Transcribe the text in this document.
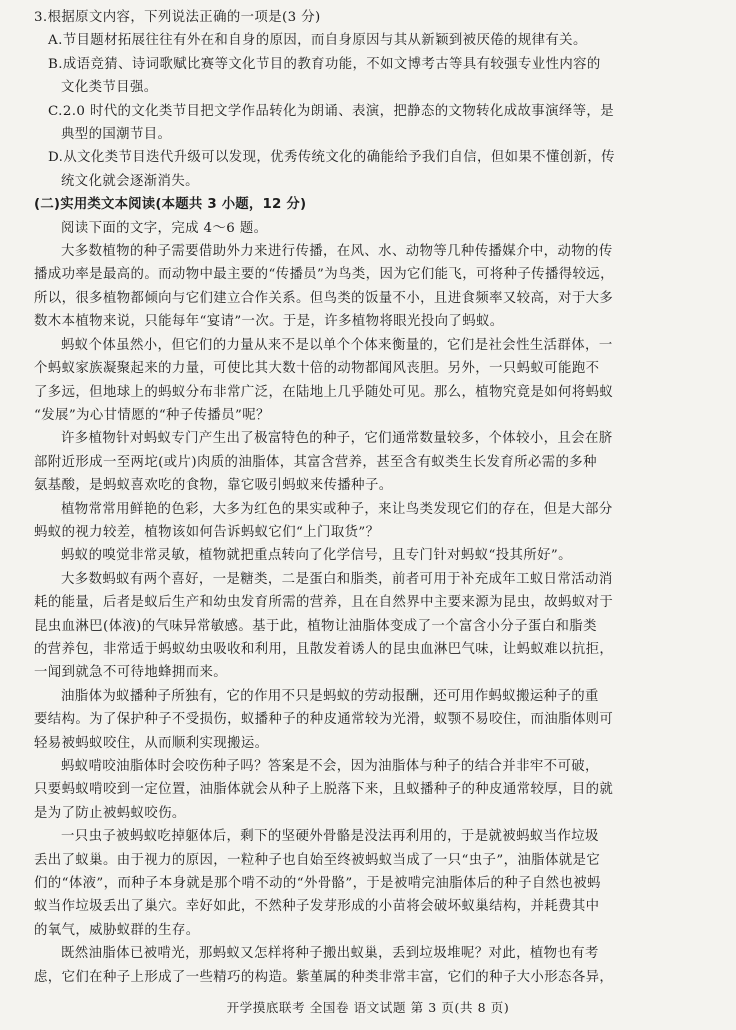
3.根据原文内容，下列说法正确的一项是(3 分)
A.节目题材拓展往往有外在和自身的原因，而自身原因与其从新颖到被厌倦的规律有关。
B.成语竞猜、诗词歌赋比赛等文化节目的教育功能，不如文博考古等具有较强专业性内容的
文化类节目强。
C.2.0 时代的文化类节目把文学作品转化为朗诵、表演，把静态的文物转化成故事演绎等，是
典型的国潮节目。
D.从文化类节目迭代升级可以发现，优秀传统文化的确能给予我们自信，但如果不懂创新，传
统文化就会逐渐消失。
(二)实用类文本阅读(本题共 3 小题，12 分)
阅读下面的文字，完成 4～6 题。
大多数植物的种子需要借助外力来进行传播，在风、水、动物等几种传播媒介中，动物的传
播成功率是最高的。而动物中最主要的“传播员”为鸟类，因为它们能飞，可将种子传播得较远，
所以，很多植物都倾向与它们建立合作关系。但鸟类的饭量不小，且进食频率又较高，对于大多
数木本植物来说，只能每年“宴请”一次。于是，许多植物将眼光投向了蚂蚁。
蚂蚁个体虽然小，但它们的力量从来不是以单个个体来衡量的，它们是社会性生活群体，一
个蚂蚁家族凝聚起来的力量，可使比其大数十倍的动物都闻风丧胆。另外，一只蚂蚁可能跑不
了多远，但地球上的蚂蚁分布非常广泛，在陆地上几乎随处可见。那么，植物究竟是如何将蚂蚁
“发展”为心甘情愿的“种子传播员”呢？
许多植物针对蚂蚁专门产生出了极富特色的种子，它们通常数量较多，个体较小，且会在脐
部附近形成一至两坨(或片)肉质的油脂体，其富含营养，甚至含有蚁类生长发育所必需的多种
氨基酸，是蚂蚁喜欢吃的食物，靠它吸引蚂蚁来传播种子。
植物常常用鲜艳的色彩，大多为红色的果实或种子，来让鸟类发现它们的存在，但是大部分
蚂蚁的视力较差，植物该如何告诉蚂蚁它们“上门取货”？
蚂蚁的嗅觉非常灵敏，植物就把重点转向了化学信号，且专门针对蚂蚁“投其所好”。
大多数蚂蚁有两个喜好，一是糖类，二是蛋白和脂类，前者可用于补充成年工蚁日常活动消
耗的能量，后者是蚁后生产和幼虫发育所需的营养，且在自然界中主要来源为昆虫，故蚂蚁对于
昆虫血淋巴(体液)的气味异常敏感。基于此，植物让油脂体变成了一个富含小分子蛋白和脂类
的营养包，非常适于蚂蚁幼虫吸收和利用，且散发着诱人的昆虫血淋巴气味，让蚂蚁难以抗拒，
一闻到就急不可待地蜂拥而来。
油脂体为蚁播种子所独有，它的作用不只是蚂蚁的劳动报酬，还可用作蚂蚁搬运种子的重
要结构。为了保护种子不受损伤，蚁播种子的种皮通常较为光滑，蚁颚不易咬住，而油脂体则可
轻易被蚂蚁咬住，从而顺利实现搬运。
蚂蚁啃咬油脂体时会咬伤种子吗？答案是不会，因为油脂体与种子的结合并非牢不可破，
只要蚂蚁啃咬到一定位置，油脂体就会从种子上脱落下来，且蚁播种子的种皮通常较厚，目的就
是为了防止被蚂蚁咬伤。
一只虫子被蚂蚁吃掉躯体后，剩下的坚硬外骨骼是没法再利用的，于是就被蚂蚁当作垃圾
丢出了蚁巢。由于视力的原因，一粒种子也自始至终被蚂蚁当成了一只“虫子”，油脂体就是它
们的“体液”，而种子本身就是那个啃不动的“外骨骼”，于是被啃完油脂体后的种子自然也被蚂
蚁当作垃圾丢出了巢穴。幸好如此，不然种子发芽形成的小苗将会破坏蚁巢结构，并耗费其中
的氧气，威胁蚁群的生存。
既然油脂体已被啃光，那蚂蚁又怎样将种子搬出蚁巢，丢到垃圾堆呢？对此，植物也有考
虑，它们在种子上形成了一些精巧的构造。紫堇属的种类非常丰富，它们的种子大小形态各异，
开学摸底联考 全国卷 语文试题 第 3 页(共 8 页)
